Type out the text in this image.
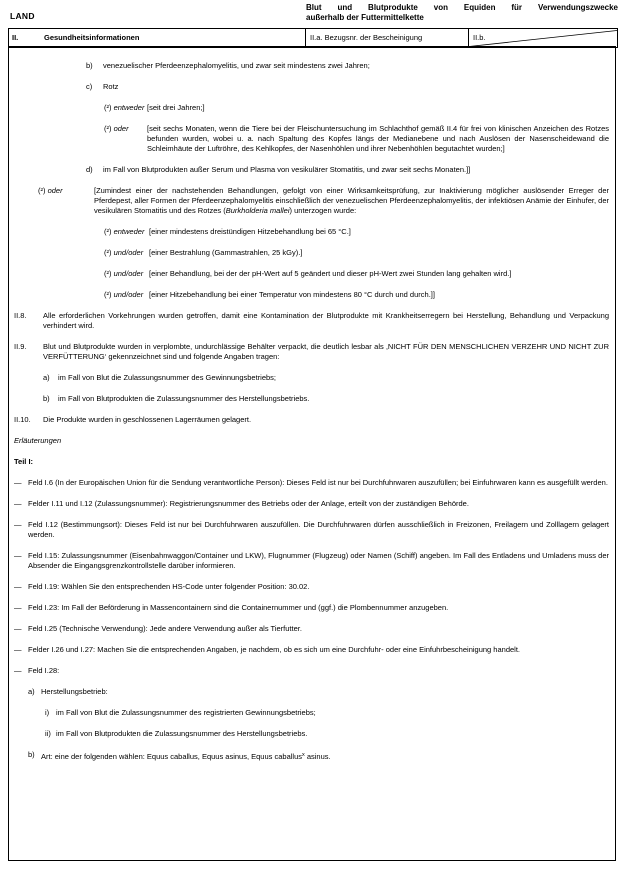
LAND
Blut und Blutprodukte von Equiden für Verwendungszwecke
außerhalb der Futtermittelkette
II.	Gesundheitsinformationen	II.a. Bezugsnr. der Bescheinigung	II.b.
b)	venezuelischer Pferdeenzephalomyelitis, und zwar seit mindestens zwei Jahren;
c)	Rotz
(²) entweder [seit drei Jahren;]
(²) oder	[seit sechs Monaten, wenn die Tiere bei der Fleischuntersuchung im Schlachthof gemäß II.4 für frei von klinischen Anzeichen des Rotzes befunden wurden, wobei u. a. nach Spaltung des Kopfes längs der Medianebene und nach Auslösen der Nasenscheidewand die Schleimhäute der Luftröhre, des Kehlkopfes, der Nasenhöhlen und ihrer Nebenhöhlen begutachtet wurden;]
d)	im Fall von Blutprodukten außer Serum und Plasma von vesikulärer Stomatitis, und zwar seit sechs Monaten.]]
(²) oder	[Zumindest einer der nachstehenden Behandlungen, gefolgt von einer Wirksamkeitsprüfung, zur Inaktivierung möglicher auslösender Erreger der Pferdepest, aller Formen der Pferdeenzephalomyelitis einschließlich der venezuelischen Pferdeenzephalomyelitis, der infektiösen Anämie der Einhufer, der vesikulären Stomatitis und des Rotzes (Burkholderia mallei) unterzogen wurde:
(²) entweder [einer mindestens dreistündigen Hitzebehandlung bei 65 °C.]
(²) und/oder [einer Bestrahlung (Gammastrahlen, 25 kGy).]
(²) und/oder [einer Behandlung, bei der der pH-Wert auf 5 geändert und dieser pH-Wert zwei Stunden lang gehalten wird.]
(²) und/oder [einer Hitzebehandlung bei einer Temperatur von mindestens 80 °C durch und durch.]]
II.8.	Alle erforderlichen Vorkehrungen wurden getroffen, damit eine Kontamination der Blutprodukte mit Krankheitserregern bei Herstellung, Behandlung und Verpackung verhindert wird.
II.9.	Blut und Blutprodukte wurden in verplombte, undurchlässige Behälter verpackt, die deutlich lesbar als ‚NICHT FÜR DEN MENSCHLICHEN VERZEHR UND NICHT ZUR VERFÜTTERUNG‘ gekennzeichnet sind und folgende Angaben tragen:
a)	im Fall von Blut die Zulassungsnummer des Gewinnungsbetriebs;
b)	im Fall von Blutprodukten die Zulassungsnummer des Herstellungsbetriebs.
II.10.	Die Produkte wurden in geschlossenen Lagerräumen gelagert.
Erläuterungen
Teil I:
— Feld I.6 (In der Europäischen Union für die Sendung verantwortliche Person): Dieses Feld ist nur bei Durchfuhrwaren auszufüllen; bei Einfuhrwaren kann es ausgefüllt werden.
— Felder I.11 und I.12 (Zulassungsnummer): Registrierungsnummer des Betriebs oder der Anlage, erteilt von der zuständigen Behörde.
— Feld I.12 (Bestimmungsort): Dieses Feld ist nur bei Durchfuhrwaren auszufüllen. Die Durchfuhrwaren dürfen ausschließlich in Freizonen, Freilagern und Zolllagern gelagert werden.
— Feld I.15: Zulassungsnummer (Eisenbahnwaggon/Container und LKW), Flugnummer (Flugzeug) oder Namen (Schiff) angeben. Im Fall des Entladens und Umladens muss der Absender die Eingangsgrenzkontrollstelle darüber informieren.
— Feld I.19: Wählen Sie den entsprechenden HS-Code unter folgender Position: 30.02.
— Feld I.23: Im Fall der Beförderung in Massencontainern sind die Containernummer und (ggf.) die Plombennummer anzugeben.
— Feld I.25 (Technische Verwendung): Jede andere Verwendung außer als Tierfutter.
— Felder I.26 und I.27: Machen Sie die entsprechenden Angaben, je nachdem, ob es sich um eine Durchfuhr- oder eine Einfuhrbescheinigung handelt.
— Feld I.28:
a) Herstellungsbetrieb:
i) im Fall von Blut die Zulassungsnummer des registrierten Gewinnungsbetriebs;
ii) im Fall von Blutprodukten die Zulassungsnummer des Herstellungsbetriebs.
b) Art: eine der folgenden wählen: Equus caballus, Equus asinus, Equus caballus$^x$ asinus.
